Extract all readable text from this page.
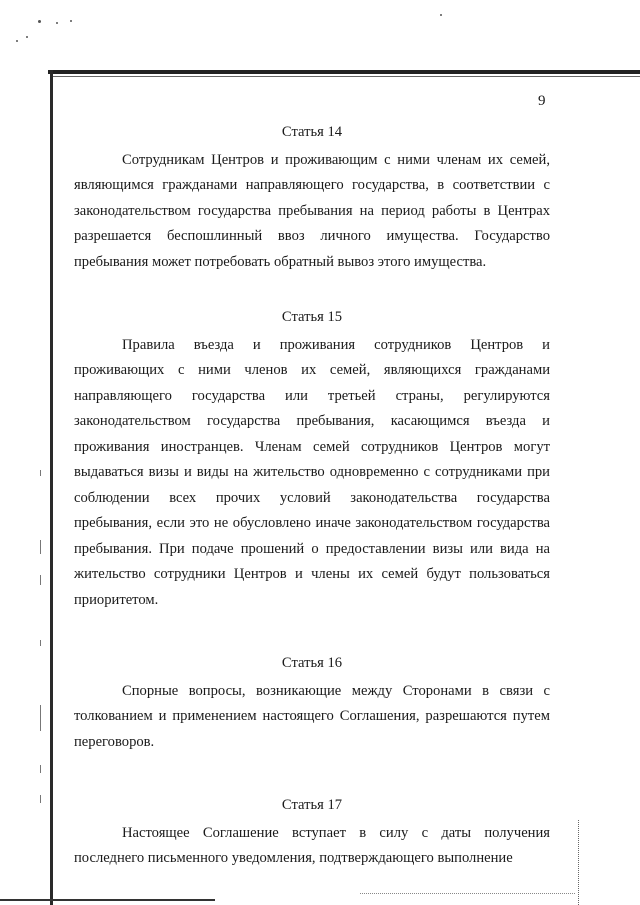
9

Статья 14

Сотрудникам Центров и проживающим с ними членам их семей, являющимся гражданами направляющего государства, в соответствии с законодательством государства пребывания на период работы в Центрах разрешается беспошлинный ввоз личного имущества. Государство пребывания может потребовать обратный вывоз этого имущества.

Статья 15

Правила въезда и проживания сотрудников Центров и проживающих с ними членов их семей, являющихся гражданами направляющего государства или третьей страны, регулируются законодательством государства пребывания, касающимся въезда и проживания иностранцев. Членам семей сотрудников Центров могут выдаваться визы и виды на жительство одновременно с сотрудниками при соблюдении всех прочих условий законодательства государства пребывания, если это не обусловлено иначе законодательством государства пребывания. При подаче прошений о предоставлении визы или вида на жительство сотрудники Центров и члены их семей будут пользоваться приоритетом.

Статья 16

Спорные вопросы, возникающие между Сторонами в связи с толкованием и применением настоящего Соглашения, разрешаются путем переговоров.

Статья 17

Настоящее Соглашение вступает в силу с даты получения последнего письменного уведомления, подтверждающего выполнение
